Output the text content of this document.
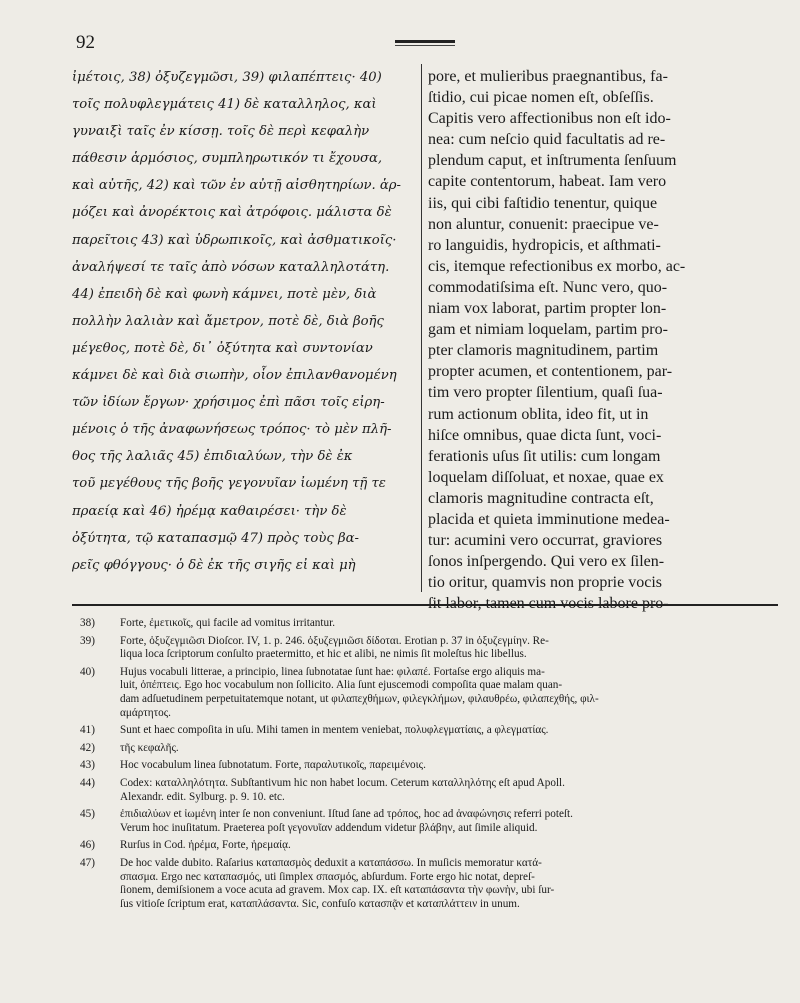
92
ἰμέτοις, 38) ὀξυζεγμῶσι, 39) φιλαπέπτεις· 40)
τοῖς πολυφλεγμάτεις 41) δὲ καταλληλος, καὶ
γυναιξὶ ταῖς ἐν κίσσῃ. τοῖς δὲ περὶ κεφαλὴν
πάθεσιν ἁρμόσιος, συμπληρωτικόν τι ἔχουσα,
καὶ αὐτῆς, 42) καὶ τῶν ἐν αὐτῇ αἰσθητηρίων. ἁρ-
μόζει καὶ ἀνορέκτοις καὶ ἀτρόφοις. μάλιστα δὲ
παρεῖτοις 43) καὶ ὑδρωπικοῖς, καὶ ἀσθματικοῖς·
ἀναλήψεσί τε ταῖς ἀπὸ νόσων καταλληλοτάτη.
44) ἐπειδὴ δὲ καὶ φωνὴ κάμνει, ποτὲ μὲν, διὰ
πολλὴν λαλιὰν καὶ ἄμετρον, ποτὲ δὲ, διὰ βοῆς
μέγεθος, ποτὲ δὲ, δι᾽ ὀξύτητα καὶ συντονίαν
κάμνει δὲ καὶ διὰ σιωπὴν, οἷον ἐπιλανθανομένη
τῶν ἰδίων ἔργων· χρήσιμος ἐπὶ πᾶσι τοῖς εἰρη-
μένοις ὁ τῆς ἀναφωνήσεως τρόπος· τὸ μὲν πλῆ-
θος τῆς λαλιᾶς 45) ἐπιδιαλύων, τὴν δὲ ἐκ
τοῦ μεγέθους τῆς βοῆς γεγονυῖαν ἰωμένη τῇ τε
πραείᾳ καὶ 46) ἠρέμᾳ καθαιρέσει· τὴν δὲ
ὀξύτητα, τῷ καταπασμῷ 47) πρὸς τοὺς βα-
ρεῖς φθόγγους· ὁ δὲ ἐκ τῆς σιγῆς εἰ καὶ μὴ
pore, et mulieribus praegnantibus, fa-
ſtidio, cui picae nomen eſt, obſeſſis.
Capitis vero affectionibus non eſt ido-
nea: cum neſcio quid facultatis ad re-
plendum caput, et inſtrumenta ſenſuum
capite contentorum, habeat. Iam vero
iis, qui cibi faſtidio tenentur, quique
non aluntur, conuenit: praecipue ve-
ro languidis, hydropicis, et aſthmati-
cis, itemque refectionibus ex morbo, ac-
commodatiſsima eſt. Nunc vero, quo-
niam vox laborat, partim propter lon-
gam et nimiam loquelam, partim pro-
pter clamoris magnitudinem, partim
propter acumen, et contentionem, par-
tim vero propter ſilentium, quaſi ſua-
rum actionum oblita, ideo fit, ut in
hiſce omnibus, quae dicta ſunt, voci-
ferationis uſus ſit utilis: cum longam
loquelam diſſoluat, et noxae, quae ex
clamoris magnitudine contracta eſt,
placida et quieta imminutione medea-
tur: acumini vero occurrat, graviores
ſonos inſpergendo. Qui vero ex ſilen-
tio oritur, quamvis non proprie vocis
38)	Forte, ἐμετικοῖς, qui facile ad vomitus irritantur.
39)	Forte, ὀξυζεγμιῶσι Dioſcor. IV, 1. p. 246. ὀξυζεγμιῶσι δίδοται. Erotian p. 37 in ὀξυζεγμίην. Re-
liqua loca ſcriptorum conſulto praetermitto, et hic et alibi, ne nimis ſit moleſtus hic libellus.
40)	Hujus vocabuli litterae, a principio, linea ſubnotatae ſunt hae: φιλαπέ. Fortaſse ergo aliquis ma-
luit, ὀπέπτεις. Ego hoc vocabulum non ſollicito. Alia ſunt ejuscemodi compoſita quae malam quan-
dam adſuetudinem perpetuitatemque notant, ut φιλαπεχθήμων, φιλεγκλήμων, φιλαυθρέω, φιλαπεχθής, φιλ-
αμάρτητος.
41)	Sunt et haec compoſita in uſu. Mihi tamen in mentem veniebat, πολυφλεγματίαις, a φλεγματίας.
42)	τῆς κεφαλῆς.
43)	Hoc vocabulum linea ſubnotatum. Forte, παραλυτικοῖς, παρειμένοις.
44)	Codex: καταλληλότητα. Subſtantivum hic non habet locum. Ceterum καταλληλότης eſt apud Apoll.
Alexandr. edit. Sylburg. p. 9. 10. etc.
45)	ἐπιδιαλύων et ἰωμένη inter ſe non conveniunt. Iſtud ſane ad τρόπος, hoc ad ἀναφώνησις referri poteſt.
Verum hoc inuſitatum. Praeterea poſt γεγονυῖαν addendum videtur βλάβην, aut ſimile aliquid.
46)	Rurſus in Cod. ἠρέμα, Forte, ἠρεμαίᾳ.
47)	De hoc valde dubito. Raſarius καταπασμὸς deduxit a καταπάσσω. In muſicis memoratur κατά-
σπασμα. Ergo nec καταπασμός, uti ſimplex σπασμός, abſurdum. Forte ergo hic notat, depreſ-
ſionem, demiſsionem a voce acuta ad gravem. Mox cap. IX. eſt καταπάσαντα τὴν φωνὴν, ubi ſur-
ſus vitioſe ſcriptum erat, καταπλάσαντα. Sic, confuſo κατασπᾷν et καταπλάττειν in unum.
